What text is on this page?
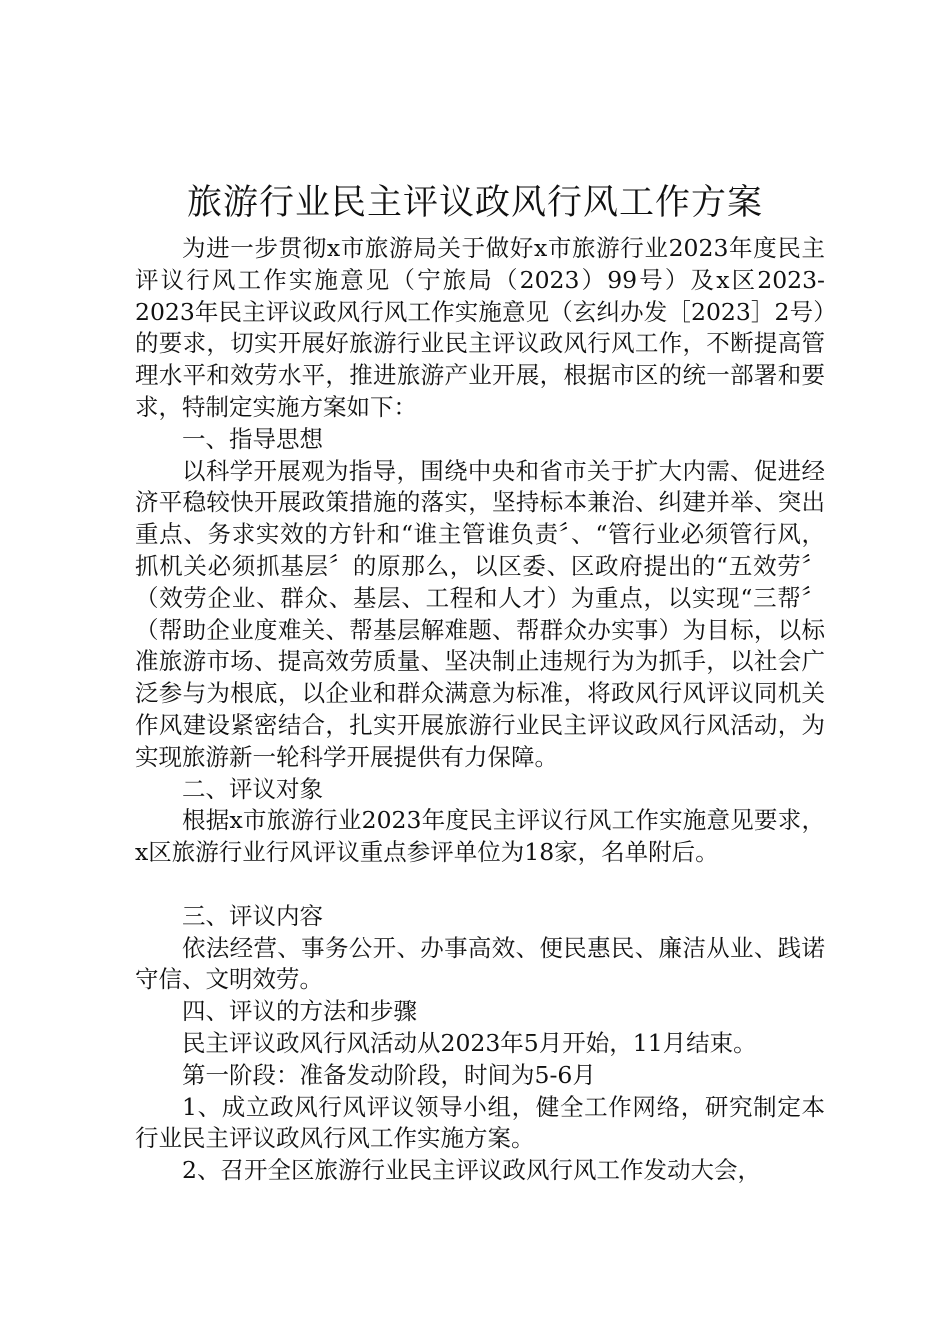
旅游行业民主评议政风行风工作方案

为进一步贯彻x市旅游局关于做好x市旅游行业2023年度民主评议行风工作实施意见（宁旅局（2023）99号）及x区2023-2023年民主评议政风行风工作实施意见（玄纠办发［2023］2号）的要求，切实开展好旅游行业民主评议政风行风工作，不断提高管理水平和效劳水平，推进旅游产业开展，根据市区的统一部署和要求，特制定实施方案如下：

一、指导思想

以科学开展观为指导，围绕中央和省市关于扩大内需、促进经济平稳较快开展政策措施的落实，坚持标本兼治、纠建并举、突出重点、务求实效的方针和“谁主管谁负责〞、“管行业必须管行风，抓机关必须抓基层〞的原那么，以区委、区政府提出的“五效劳〞（效劳企业、群众、基层、工程和人才）为重点，以实现“三帮〞（帮助企业度难关、帮基层解难题、帮群众办实事）为目标，以标准旅游市场、提高效劳质量、坚决制止违规行为为抓手，以社会广泛参与为根底，以企业和群众满意为标准，将政风行风评议同机关作风建设紧密结合，扎实开展旅游行业民主评议政风行风活动，为实现旅游新一轮科学开展提供有力保障。

二、评议对象

根据x市旅游行业2023年度民主评议行风工作实施意见要求，x区旅游行业行风评议重点参评单位为18家，名单附后。

三、评议内容

依法经营、事务公开、办事高效、便民惠民、廉洁从业、践诺守信、文明效劳。

四、评议的方法和步骤

民主评议政风行风活动从2023年5月开始，11月结束。

第一阶段：准备发动阶段，时间为5-6月

1、成立政风行风评议领导小组，健全工作网络，研究制定本行业民主评议政风行风工作实施方案。

2、召开全区旅游行业民主评议政风行风工作发动大会，
